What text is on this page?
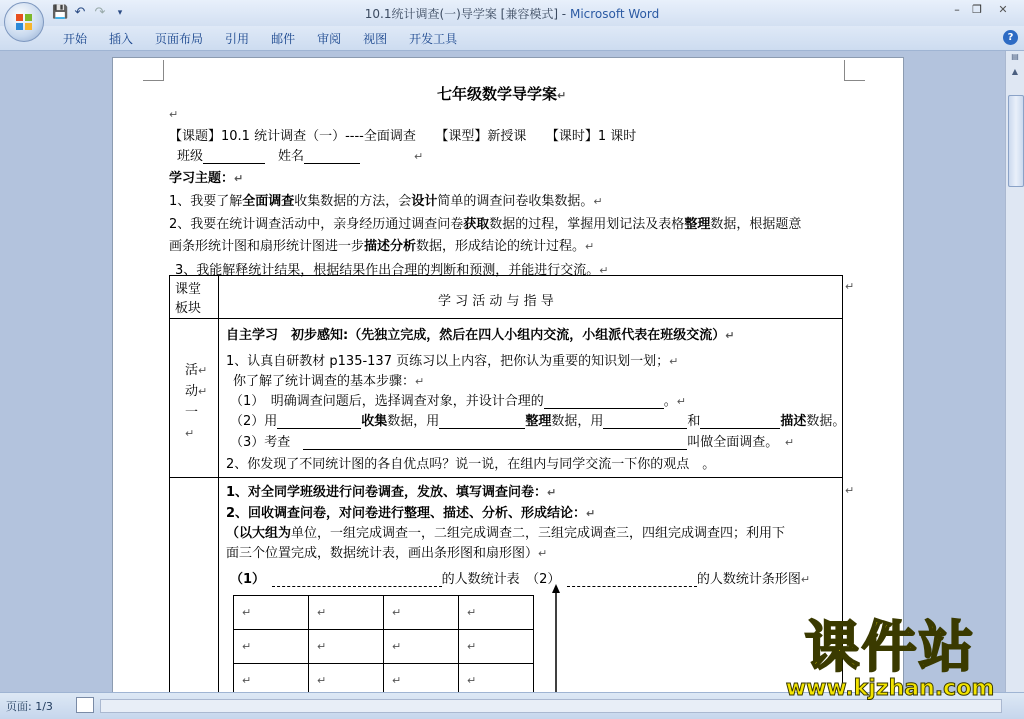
💾 ↶ ↷	▾	10.1统计调查(一)导学案 [兼容模式] - Microsoft Word	–	❐	✕
开始	插入	页面布局	引用	邮件	审阅	视图	开发工具	?
七年级数学导学案↵
↵
【课题】10.1 统计调查（一）----全面调查　　【课型】新授课　　【课时】1 课时
班级　	姓名	↵
学习主题：↵
1、我要了解全面调查收集数据的方法，会设计简单的调查问卷收集数据。↵
2、我要在统计调查活动中，亲身经历通过调查问卷获取数据的过程，掌握用划记法及表格整理数据，根据题意
画条形统计图和扇形统计图进一步描述分析数据，形成结论的统计过程。↵
3、我能解释统计结果，根据结果作出合理的判断和预测，并能进行交流。↵
课堂
板块	学 习 活 动 与 指 导
↵
活↵
动↵
一
↵
自主学习　初步感知:（先独立完成，然后在四人小组内交流，小组派代表在班级交流）↵
1、认真自研教材 p135-137 页练习以上内容，把你认为重要的知识划一划；↵
你了解了统计调查的基本步骤：↵
（1）　明确调查问题后，选择调查对象，并设计合理的	。↵
（2）用	收集数据，用	整理数据，用	和	描述数据。
（3）考查　	叫做全面调查。　 ↵
2、你发现了不同统计图的各自优点吗？说一说，在组内与同学交流一下你的观点　。
1、对全同学班级进行问卷调查，发放、填写调查问卷：↵
2、回收调查问卷，对问卷进行整理、描述、分析、形成结论：↵
（以大组为单位，一组完成调查一，二组完成调查二，三组完成调查三，四组完成调查四；利用下
面三个位置完成，数据统计表，画出条形图和扇形图）↵
（1）　	的人数统计表　（2）　	的人数统计条形图↵
↵
↵	↵	↵	↵
↵	↵	↵	↵
↵	↵	↵	↵

▤
▲
页面: 1/3
课件站
www.kjzhan.com
